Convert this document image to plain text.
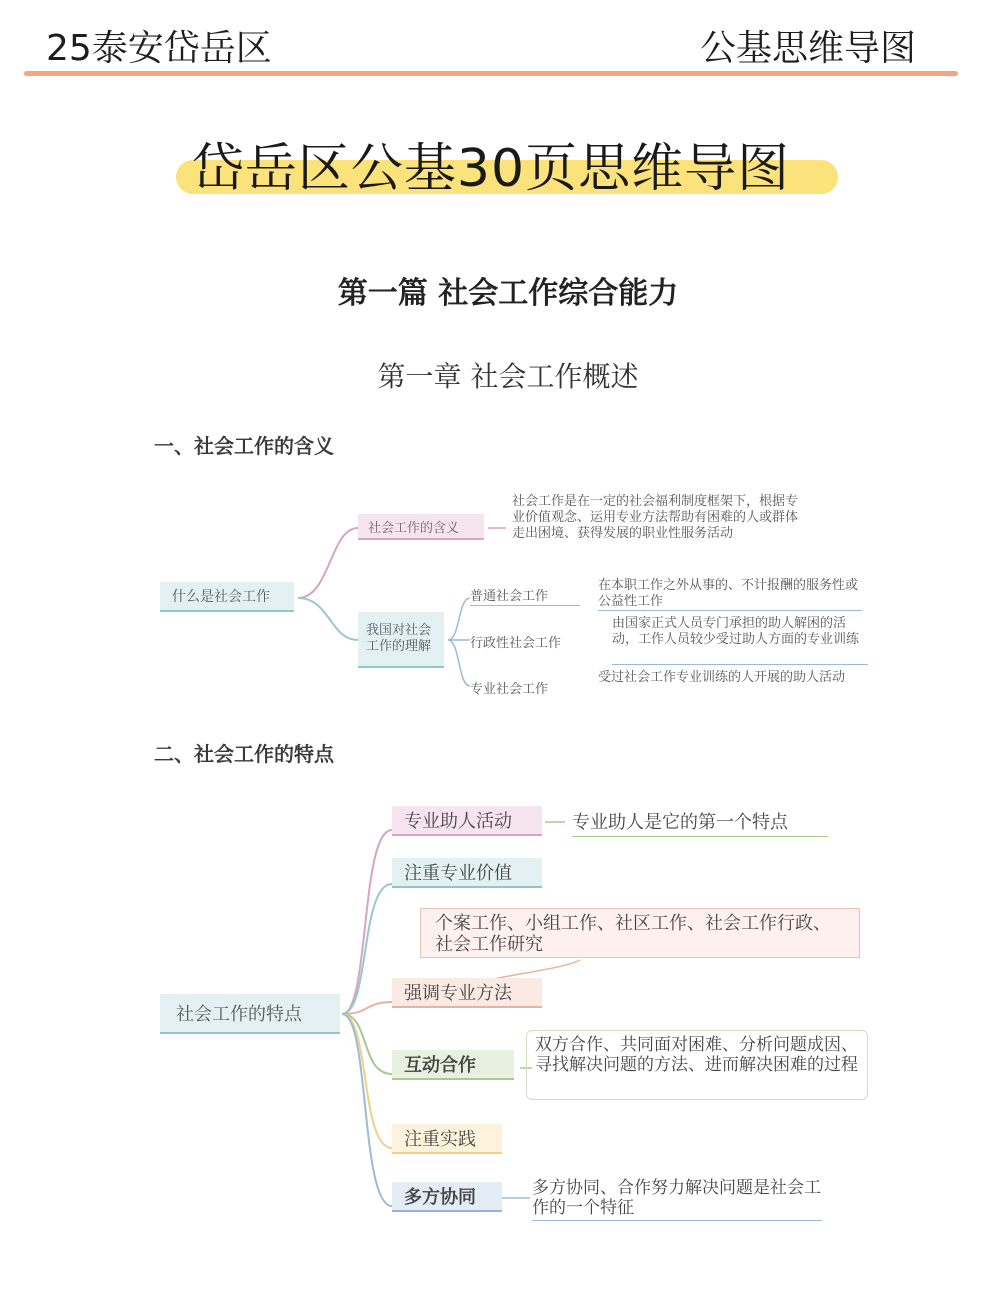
25泰安岱岳区	公基思维导图
岱岳区公基30页思维导图
第一篇 社会工作综合能力
第一章 社会工作概述
一、社会工作的含义
什么是社会工作
社会工作的含义
社会工作是在一定的社会福利制度框架下，根据专业价值观念、运用专业方法帮助有困难的人或群体走出困境、获得发展的职业性服务活动
我国对社会工作的理解
普通社会工作
在本职工作之外从事的、不计报酬的服务性或公益性工作
行政性社会工作
由国家正式人员专门承担的助人解困的活动，工作人员较少受过助人方面的专业训练
专业社会工作
受过社会工作专业训练的人开展的助人活动
二、社会工作的特点
社会工作的特点
专业助人活动	专业助人是它的第一个特点
注重专业价值
个案工作、小组工作、社区工作、社会工作行政、社会工作研究
强调专业方法
互动合作
双方合作、共同面对困难、分析问题成因、寻找解决问题的方法、进而解决困难的过程
注重实践
多方协同	多方协同、合作努力解决问题是社会工作的一个特征
